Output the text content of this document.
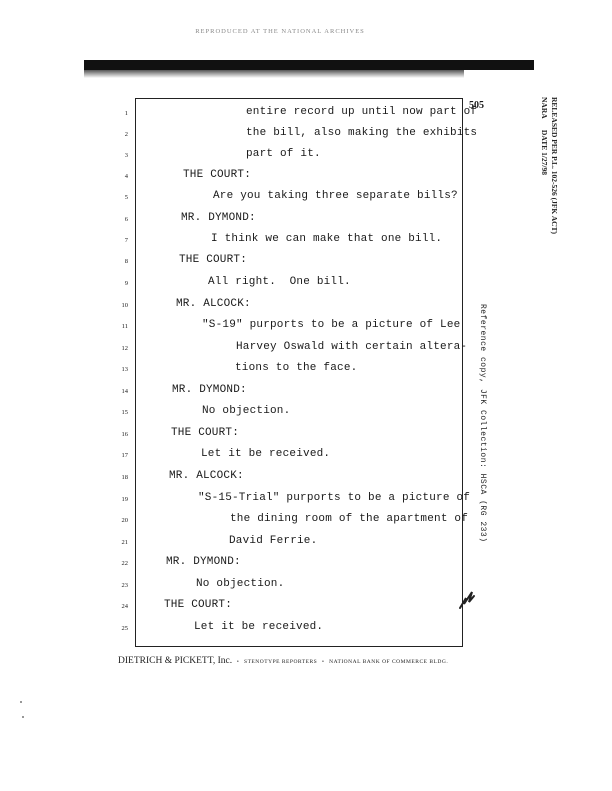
REPRODUCED AT THE NATIONAL ARCHIVES
505	RELEASED PER P.L. 102-526 (JFK ACT)
NARA      DATE 1/27/98
Reference copy, JFK Collection: HSCA (RG 233)
1
2
3
4
5
6
7
8
9
10
11
12
13
14
15
16
17
18
19
20
21
22
23
24
25
entire record up until now part of
the bill, also making the exhibits
part of it.
THE COURT:
Are you taking three separate bills?
MR. DYMOND:
I think we can make that one bill.
THE COURT:
All right.  One bill.
MR. ALCOCK:
"S-19" purports to be a picture of Lee
Harvey Oswald with certain altera-
tions to the face.
MR. DYMOND:
No objection.
THE COURT:
Let it be received.
MR. ALCOCK:
"S-15-Trial" purports to be a picture of
the dining room of the apartment of
David Ferrie.
MR. DYMOND:
No objection.
THE COURT:
Let it be received.
DIETRICH & PICKETT, Inc. • STENOTYPE REPORTERS • NATIONAL BANK OF COMMERCE BLDG.
